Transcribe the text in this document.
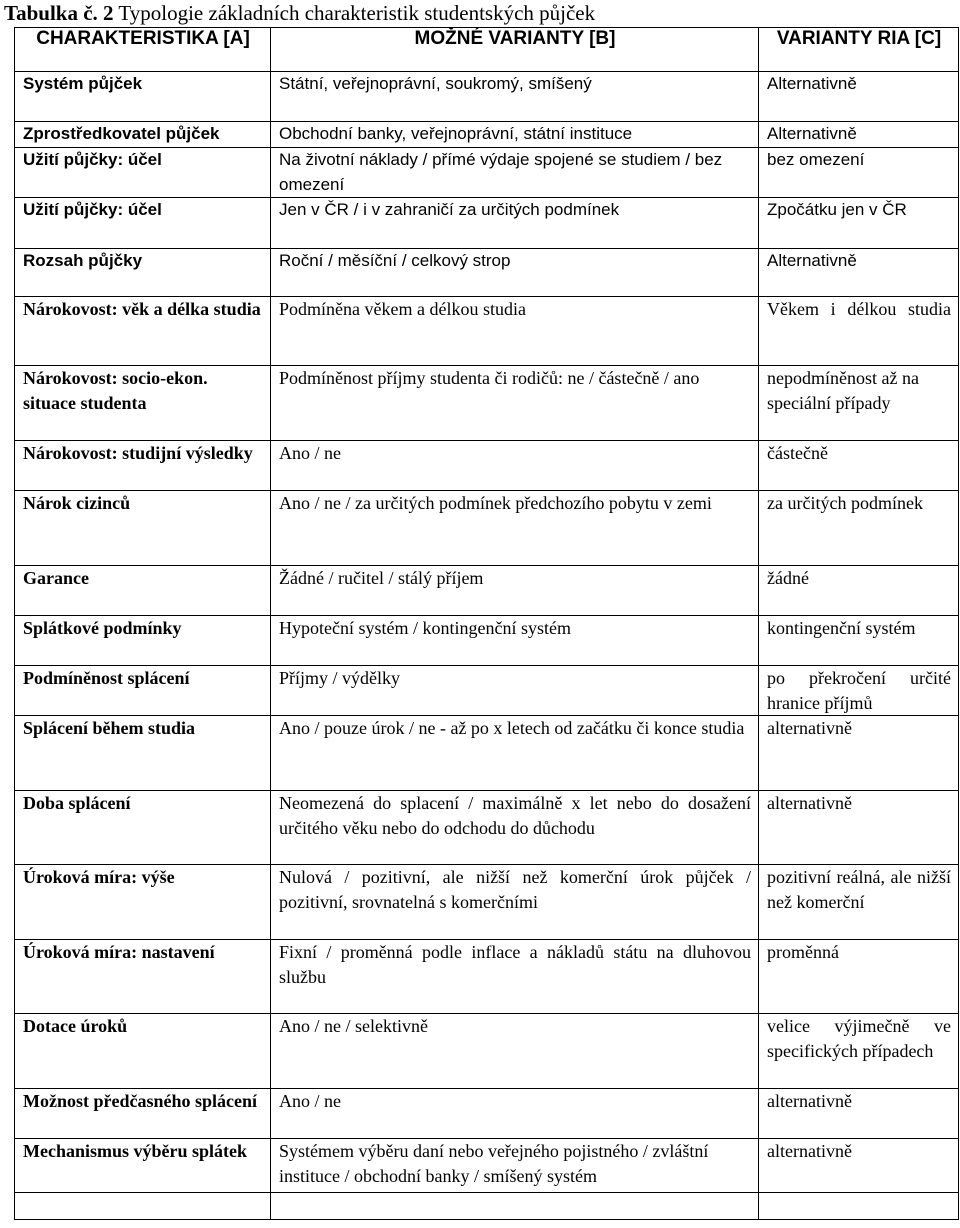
Tabulka č. 2 Typologie základních charakteristik studentských půjček
CHARAKTERISTIKA [A]	MOŽNÉ VARIANTY [B]	VARIANTY RIA [C]
Systém půjček	Státní, veřejnoprávní, soukromý, smíšený	Alternativně
Zprostředkovatel půjček	Obchodní banky, veřejnoprávní, státní instituce	Alternativně
Užití půjčky: účel	Na životní náklady / přímé výdaje spojené se studiem / bez omezení	bez omezení
Užití půjčky: účel	Jen v ČR / i v zahraničí za určitých podmínek	Zpočátku jen v ČR
Rozsah půjčky	Roční / měsíční / celkový strop	Alternativně
Nárokovost: věk a délka studia	Podmíněna věkem a délkou studia	Věkem i délkou studia
Nárokovost: socio-ekon. situace studenta	Podmíněnost příjmy studenta či rodičů: ne / částečně / ano	nepodmíněnost až na speciální případy
Nárokovost: studijní výsledky	Ano / ne	částečně
Nárok cizinců	Ano / ne / za určitých podmínek předchozího pobytu v zemi	za určitých podmínek
Garance	Žádné / ručitel / stálý příjem	žádné
Splátkové podmínky	Hypoteční systém / kontingenční systém	kontingenční systém
Podmíněnost splácení	Příjmy / výdělky	po překročení určité hranice příjmů
Splácení během studia	Ano / pouze úrok / ne - až po x letech od začátku či konce studia	alternativně
Doba splácení	Neomezená do splacení / maximálně x let nebo do dosažení určitého věku nebo do odchodu do důchodu	alternativně
Úroková míra: výše	Nulová / pozitivní, ale nižší než komerční úrok půjček / pozitivní, srovnatelná s komerčními	pozitivní reálná, ale nižší než komerční
Úroková míra: nastavení	Fixní / proměnná podle inflace a nákladů státu na dluhovou službu	proměnná
Dotace úroků	Ano / ne / selektivně	velice výjimečně ve specifických případech
Možnost předčasného splácení	Ano / ne	alternativně
Mechanismus výběru splátek	Systémem výběru daní nebo veřejného pojistného / zvláštní instituce / obchodní banky / smíšený systém	alternativně
